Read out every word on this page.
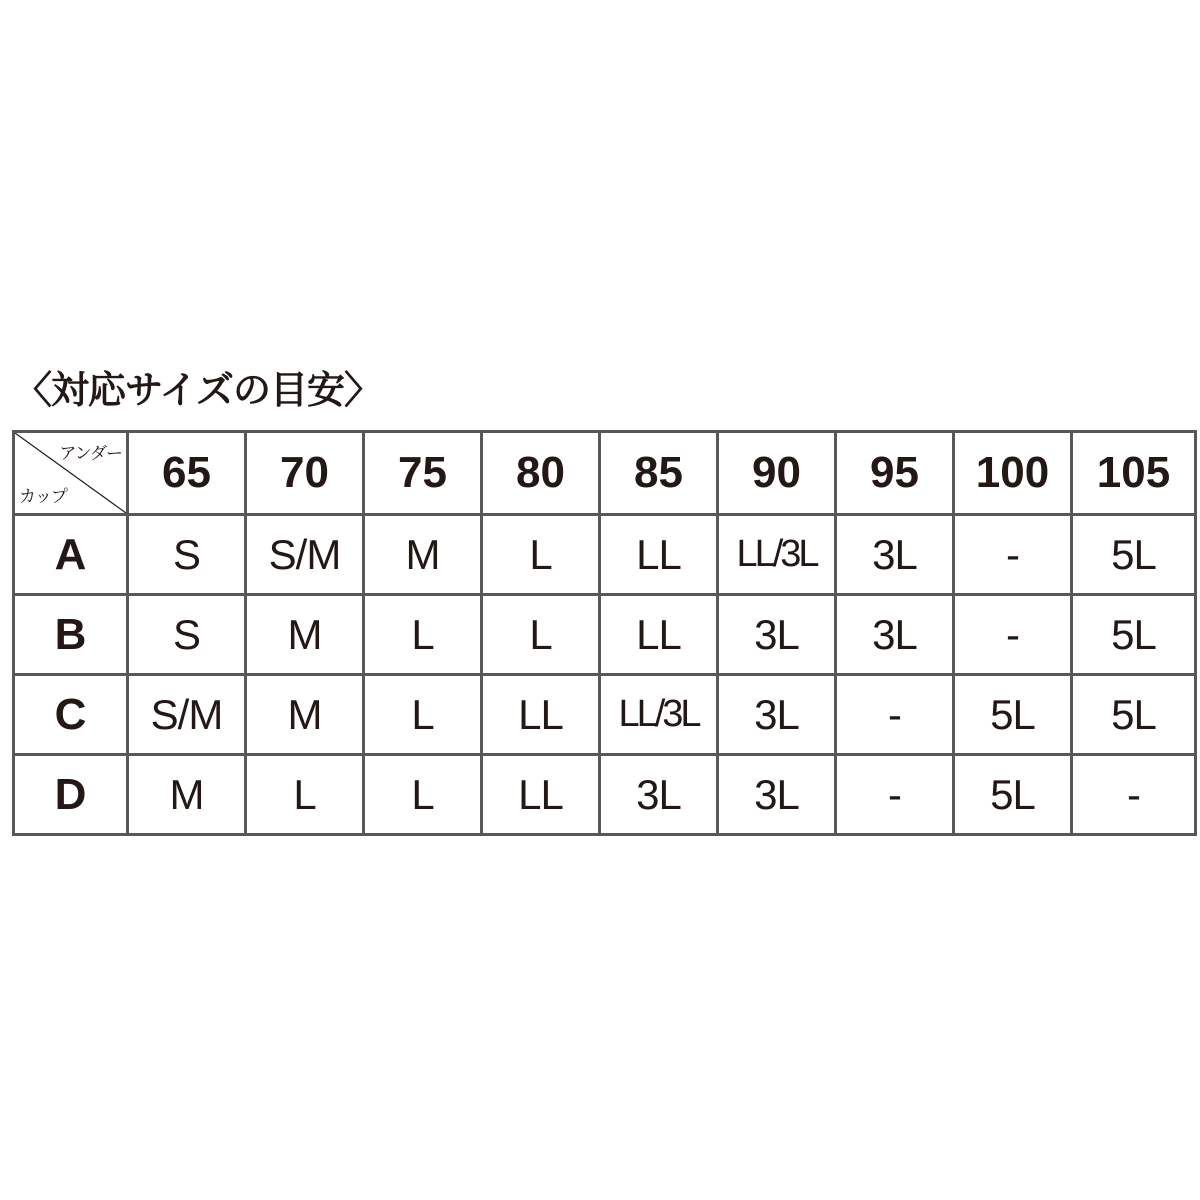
〈対応サイズの目安〉
アンダー
カップ	65	70	75	80	85	90	95	100	105
A	S	S/M	M	L	LL	LL/3L	3L	-	5L
B	S	M	L	L	LL	3L	3L	-	5L
C	S/M	M	L	LL	LL/3L	3L	-	5L	5L
D	M	L	L	LL	3L	3L	-	5L	-
